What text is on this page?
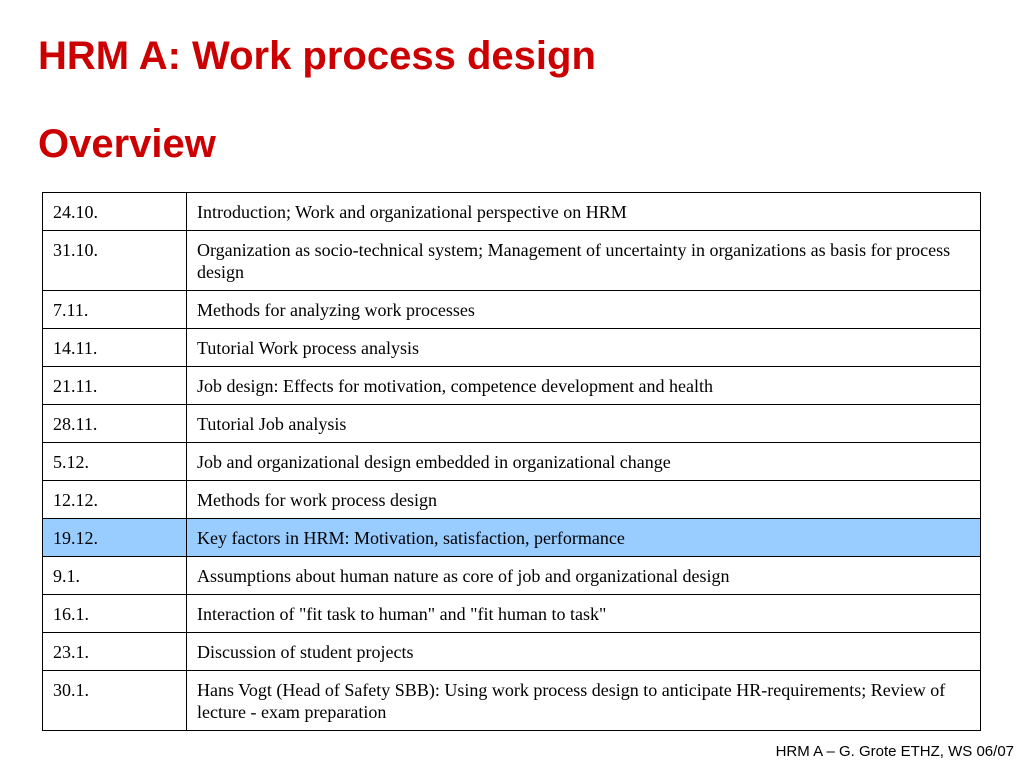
HRM A: Work process design
Overview
24.10.	Introduction; Work and organizational perspective on HRM
31.10.	Organization as socio-technical system; Management of uncertainty in organizations as basis for process design
7.11.	Methods for analyzing work processes
14.11.	Tutorial Work process analysis
21.11.	Job design: Effects for motivation, competence development and health
28.11.	Tutorial Job analysis
5.12.	Job and organizational design embedded in organizational change
12.12.	Methods for work process design
19.12.	Key factors in HRM: Motivation, satisfaction, performance
9.1.	Assumptions about human nature as core of job and organizational design
16.1.	Interaction of "fit task to human" and "fit human to task"
23.1.	Discussion of student projects
30.1.	Hans Vogt (Head of Safety SBB): Using work process design to anticipate HR-requirements; Review of lecture - exam preparation
HRM A – G. Grote ETHZ, WS 06/07
